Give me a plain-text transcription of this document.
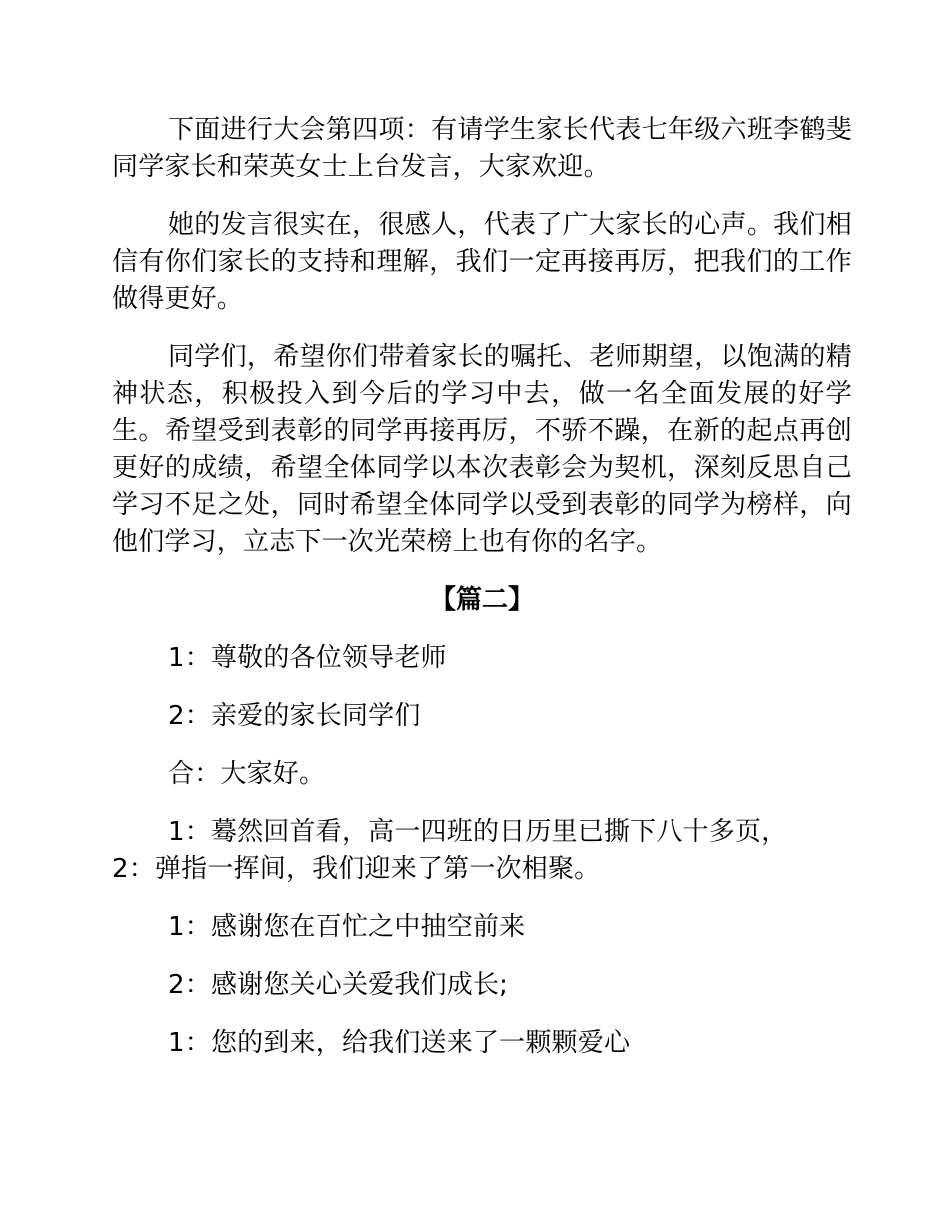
下面进行大会第四项：有请学生家长代表七年级六班李鹤斐同学家长和荣英女士上台发言，大家欢迎。

她的发言很实在，很感人，代表了广大家长的心声。我们相信有你们家长的支持和理解，我们一定再接再厉，把我们的工作做得更好。

同学们，希望你们带着家长的嘱托、老师期望，以饱满的精神状态，积极投入到今后的学习中去，做一名全面发展的好学生。希望受到表彰的同学再接再厉，不骄不躁，在新的起点再创更好的成绩，希望全体同学以本次表彰会为契机，深刻反思自己学习不足之处，同时希望全体同学以受到表彰的同学为榜样，向他们学习，立志下一次光荣榜上也有你的名字。

【篇二】

1：尊敬的各位领导老师

2：亲爱的家长同学们

合：大家好。

1：蓦然回首看，高一四班的日历里已撕下八十多页，
2：弹指一挥间，我们迎来了第一次相聚。

1：感谢您在百忙之中抽空前来

2：感谢您关心关爱我们成长;

1：您的到来，给我们送来了一颗颗爱心
